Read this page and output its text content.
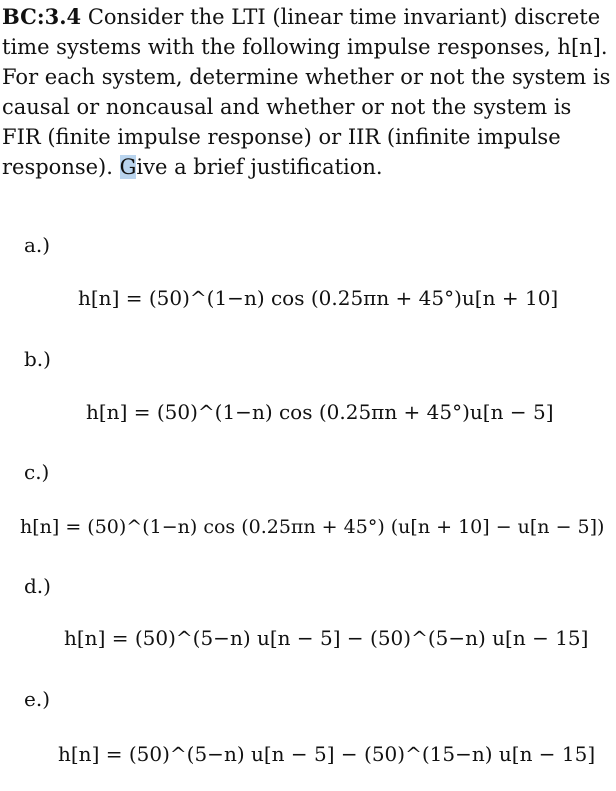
BC:3.4 Consider the LTI (linear time invariant) discrete time systems with the following impulse responses, h[n]. For each system, determine whether or not the system is causal or noncausal and whether or not the system is FIR (finite impulse response) or IIR (infinite impulse response). Give a brief justification.

a.)
h[n] = (50)^(1−n) cos (0.25πn + 45°)u[n + 10]
b.)
h[n] = (50)^(1−n) cos (0.25πn + 45°)u[n − 5]
c.)
h[n] = (50)^(1−n) cos (0.25πn + 45°) (u[n + 10] − u[n − 5])
d.)
h[n] = (50)^(5−n) u[n − 5] − (50)^(5−n) u[n − 15]
e.)
h[n] = (50)^(5−n) u[n − 5] − (50)^(15−n) u[n − 15]
